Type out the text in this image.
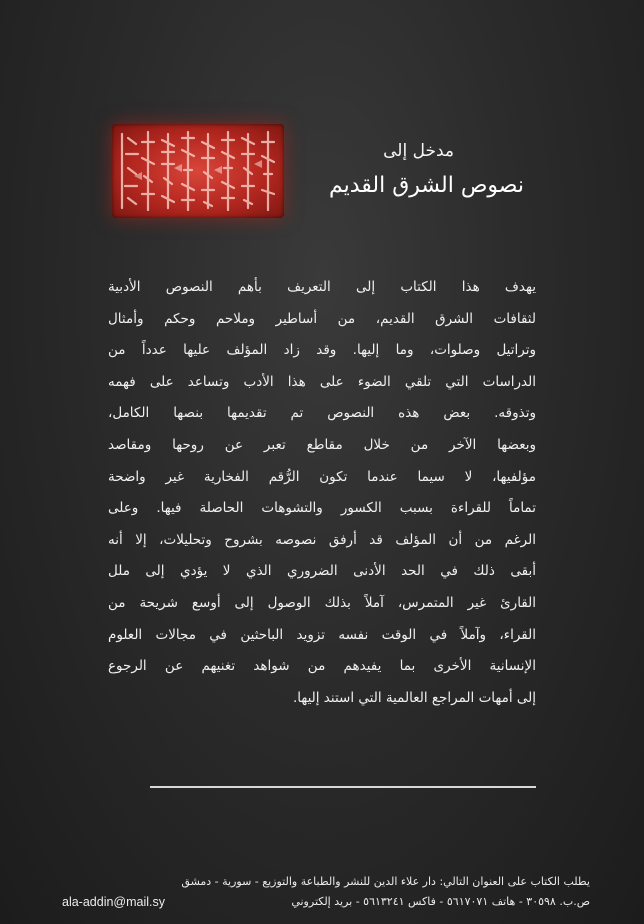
مدخل إلى
نصوص الشرق القديم
يهدف هذا الكتاب إلى التعريف بأهم النصوص الأدبية
لثقافات الشرق القديم، من أساطير وملاحم وحكم وأمثال
وتراتيل وصلوات، وما إليها. وقد زاد المؤلف عليها عدداً من
الدراسات التي تلقي الضوء على هذا الأدب وتساعد على فهمه
وتذوقه. بعض هذه النصوص تم تقديمها بنصها الكامل،
وبعضها الآخر من خلال مقاطع تعبر عن روحها ومقاصد
مؤلفيها، لا سيما عندما تكون الرُّقم الفخارية غير واضحة
تماماً للقراءة بسبب الكسور والتشوهات الحاصلة فيها. وعلى
الرغم من أن المؤلف قد أرفق نصوصه بشروح وتحليلات، إلا أنه
أبقى ذلك في الحد الأدنى الضروري الذي لا يؤدي إلى ملل
القارئ غير المتمرس، آملاً بذلك الوصول إلى أوسع شريحة من
القراء، وآملاً في الوقت نفسه تزويد الباحثين في مجالات العلوم
الإنسانية الأخرى بما يفيدهم من شواهد تغنيهم عن الرجوع
إلى أمهات المراجع العالمية التي استند إليها.
يطلب الكتاب على العنوان التالي: دار علاء الدين للنشر والطباعة والتوزيع - سورية - دمشق
ص.ب. ٣٠٥٩٨ - هاتف ٥٦١٧٠٧١ - فاكس ٥٦١٣٢٤١ - بريد إلكتروني
ala-addin@mail.sy
